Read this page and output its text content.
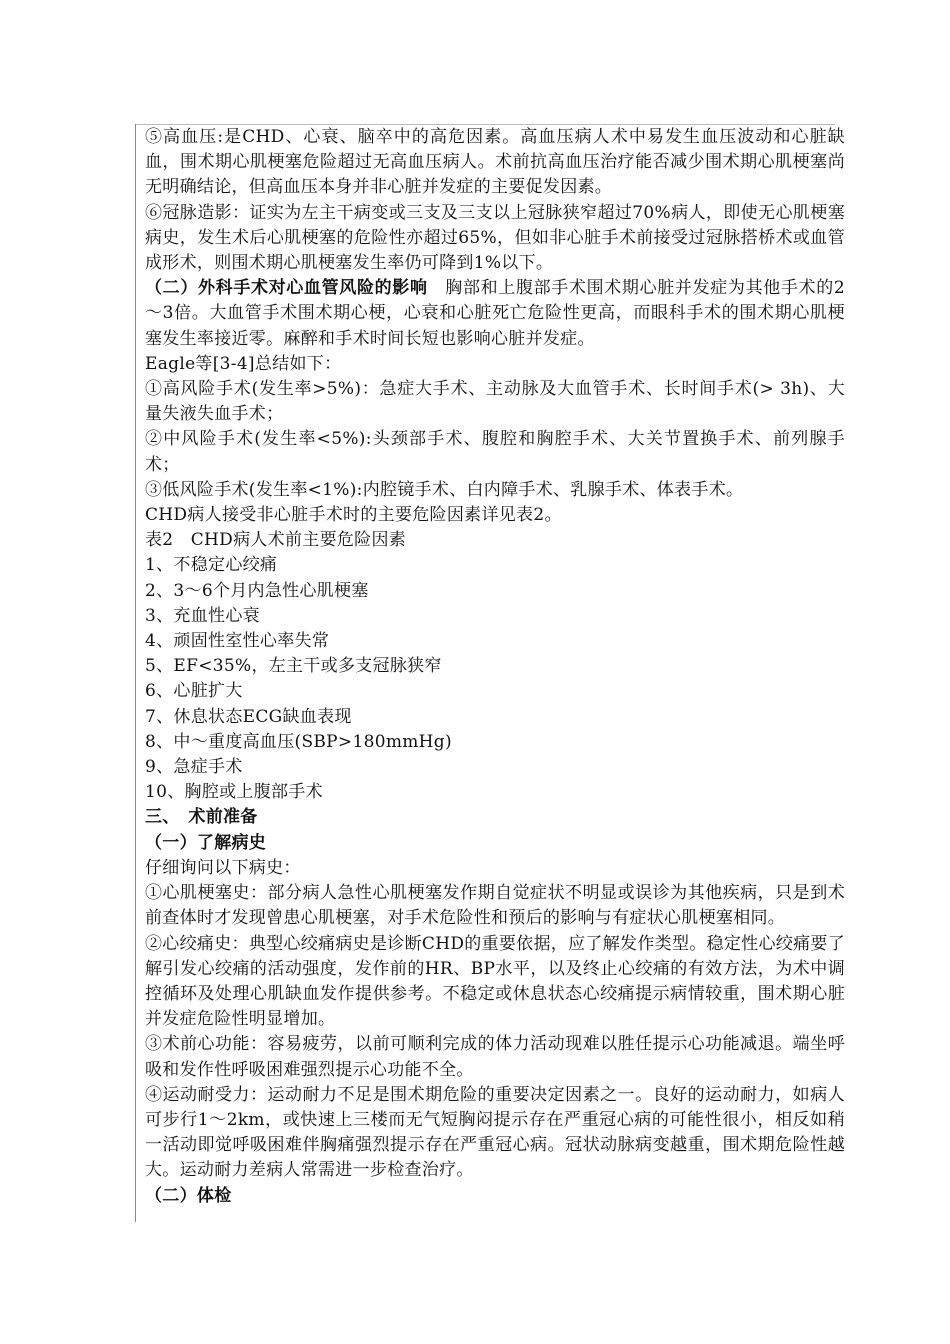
⑤高血压:是CHD、心衰、脑卒中的高危因素。高血压病人术中易发生血压波动和心脏缺血，围术期心肌梗塞危险超过无高血压病人。术前抗高血压治疗能否减少围术期心肌梗塞尚无明确结论，但高血压本身并非心脏并发症的主要促发因素。

⑥冠脉造影：证实为左主干病变或三支及三支以上冠脉狭窄超过70%病人，即使无心肌梗塞病史，发生术后心肌梗塞的危险性亦超过65%，但如非心脏手术前接受过冠脉搭桥术或血管成形术，则围术期心肌梗塞发生率仍可降到1%以下。

（二）外科手术对心血管风险的影响　胸部和上腹部手术围术期心脏并发症为其他手术的2～3倍。大血管手术围术期心梗，心衰和心脏死亡危险性更高，而眼科手术的围术期心肌梗塞发生率接近零。麻醉和手术时间长短也影响心脏并发症。

Eagle等[3-4]总结如下：

①高风险手术(发生率>5%)：急症大手术、主动脉及大血管手术、长时间手术(> 3h)、大量失液失血手术；

②中风险手术(发生率<5%):头颈部手术、腹腔和胸腔手术、大关节置换手术、前列腺手术；

③低风险手术(发生率<1%):内腔镜手术、白内障手术、乳腺手术、体表手术。

CHD病人接受非心脏手术时的主要危险因素详见表2。

表2　CHD病人术前主要危险因素

1、不稳定心绞痛

2、3～6个月内急性心肌梗塞

3、充血性心衰

4、顽固性室性心率失常

5、EF<35%，左主干或多支冠脉狭窄

6、心脏扩大

7、休息状态ECG缺血表现

8、中～重度高血压(SBP>180mmHg)

9、急症手术

10、胸腔或上腹部手术

三、　术前准备

（一）了解病史

仔细询问以下病史：

①心肌梗塞史：部分病人急性心肌梗塞发作期自觉症状不明显或误诊为其他疾病，只是到术前查体时才发现曾患心肌梗塞，对手术危险性和预后的影响与有症状心肌梗塞相同。

②心绞痛史：典型心绞痛病史是诊断CHD的重要依据，应了解发作类型。稳定性心绞痛要了解引发心绞痛的活动强度，发作前的HR、BP水平，以及终止心绞痛的有效方法，为术中调控循环及处理心肌缺血发作提供参考。不稳定或休息状态心绞痛提示病情较重，围术期心脏并发症危险性明显增加。

③术前心功能：容易疲劳，以前可顺利完成的体力活动现难以胜任提示心功能减退。端坐呼吸和发作性呼吸困难强烈提示心功能不全。

④运动耐受力：运动耐力不足是围术期危险的重要决定因素之一。良好的运动耐力，如病人可步行1～2km，或快速上三楼而无气短胸闷提示存在严重冠心病的可能性很小，相反如稍一活动即觉呼吸困难伴胸痛强烈提示存在严重冠心病。冠状动脉病变越重，围术期危险性越大。运动耐力差病人常需进一步检查治疗。

（二）体检
